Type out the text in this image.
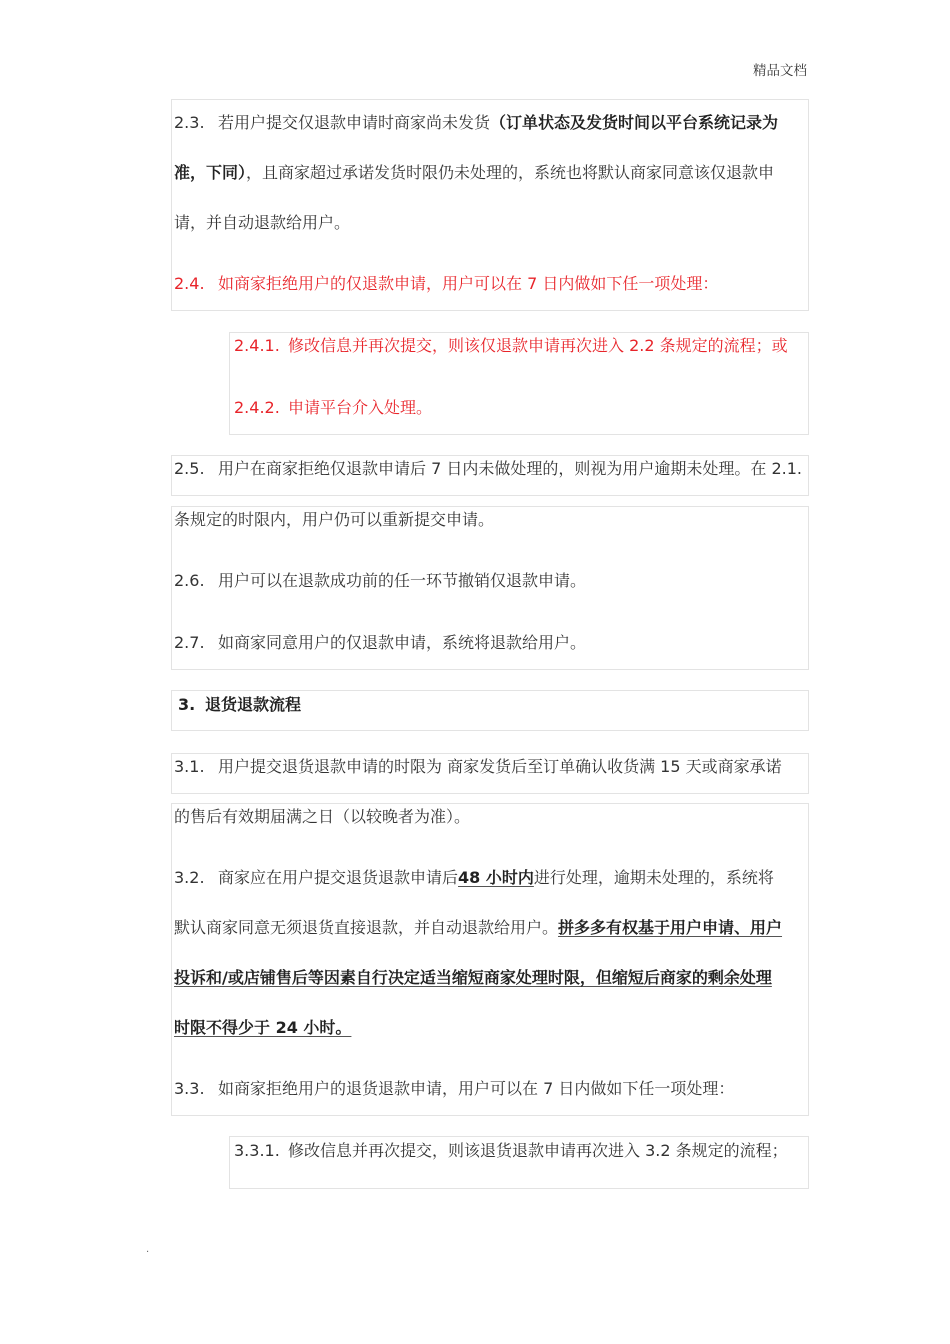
精品文档
2.3. 若用户提交仅退款申请时商家尚未发货（订单状态及发货时间以平台系统记录为
准，下同），且商家超过承诺发货时限仍未处理的，系统也将默认商家同意该仅退款申
请，并自动退款给用户。
2.4. 如商家拒绝用户的仅退款申请，用户可以在 7 日内做如下任一项处理：
2.4.1. 修改信息并再次提交，则该仅退款申请再次进入 2.2 条规定的流程；或
2.4.2. 申请平台介入处理。
2.5. 用户在商家拒绝仅退款申请后 7 日内未做处理的，则视为用户逾期未处理。在 2.1.
条规定的时限内，用户仍可以重新提交申请。
2.6. 用户可以在退款成功前的任一环节撤销仅退款申请。
2.7. 如商家同意用户的仅退款申请，系统将退款给用户。
3. 退货退款流程
3.1. 用户提交退货退款申请的时限为 商家发货后至订单确认收货满 15 天或商家承诺
的售后有效期届满之日（以较晚者为准）。
3.2. 商家应在用户提交退货退款申请后48 小时内进行处理，逾期未处理的，系统将
默认商家同意无须退货直接退款，并自动退款给用户。拼多多有权基于用户申请、用户
投诉和/或店铺售后等因素自行决定适当缩短商家处理时限，但缩短后商家的剩余处理
时限不得少于 24 小时。
3.3. 如商家拒绝用户的退货退款申请，用户可以在 7 日内做如下任一项处理：
3.3.1. 修改信息并再次提交，则该退货退款申请再次进入 3.2 条规定的流程；
.
